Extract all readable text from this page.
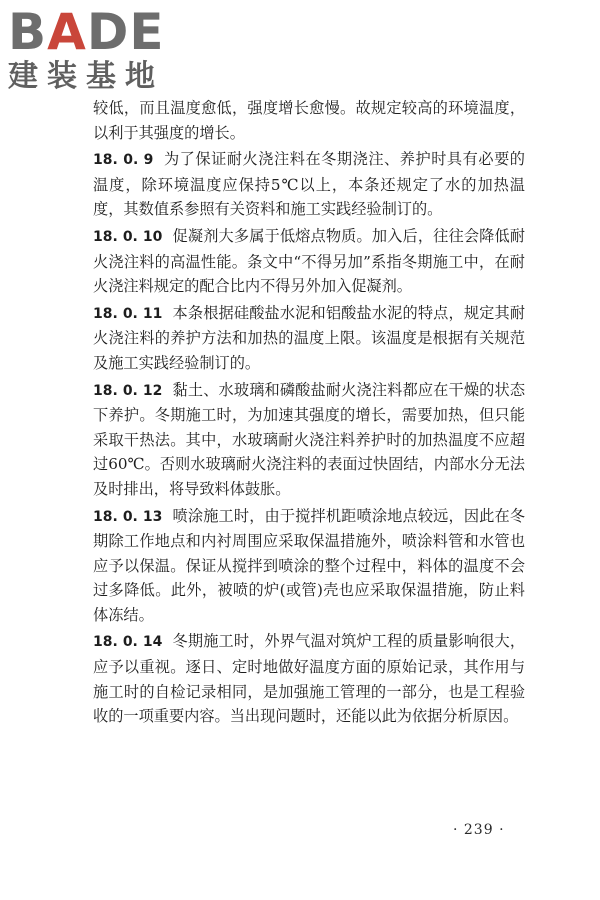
B A D E
建装基地

较低，而且温度愈低，强度增长愈慢。故规定较高的环境温度，以利于其强度的增长。

18. 0. 9 为了保证耐火浇注料在冬期浇注、养护时具有必要的温度，除环境温度应保持5℃以上，本条还规定了水的加热温度，其数值系参照有关资料和施工实践经验制订的。

18. 0. 10 促凝剂大多属于低熔点物质。加入后，往往会降低耐火浇注料的高温性能。条文中“不得另加”系指冬期施工中，在耐火浇注料规定的配合比内不得另外加入促凝剂。

18. 0. 11 本条根据硅酸盐水泥和铝酸盐水泥的特点，规定其耐火浇注料的养护方法和加热的温度上限。该温度是根据有关规范及施工实践经验制订的。

18. 0. 12 黏土、水玻璃和磷酸盐耐火浇注料都应在干燥的状态下养护。冬期施工时，为加速其强度的增长，需要加热，但只能采取干热法。其中，水玻璃耐火浇注料养护时的加热温度不应超过60℃。否则水玻璃耐火浇注料的表面过快固结，内部水分无法及时排出，将导致料体鼓胀。

18. 0. 13 喷涂施工时，由于搅拌机距喷涂地点较远，因此在冬期除工作地点和内衬周围应采取保温措施外，喷涂料管和水管也应予以保温。保证从搅拌到喷涂的整个过程中，料体的温度不会过多降低。此外，被喷的炉(或管)壳也应采取保温措施，防止料体冻结。

18. 0. 14 冬期施工时，外界气温对筑炉工程的质量影响很大，应予以重视。逐日、定时地做好温度方面的原始记录，其作用与施工时的自检记录相同，是加强施工管理的一部分，也是工程验收的一项重要内容。当出现问题时，还能以此为依据分析原因。

· 239 ·
